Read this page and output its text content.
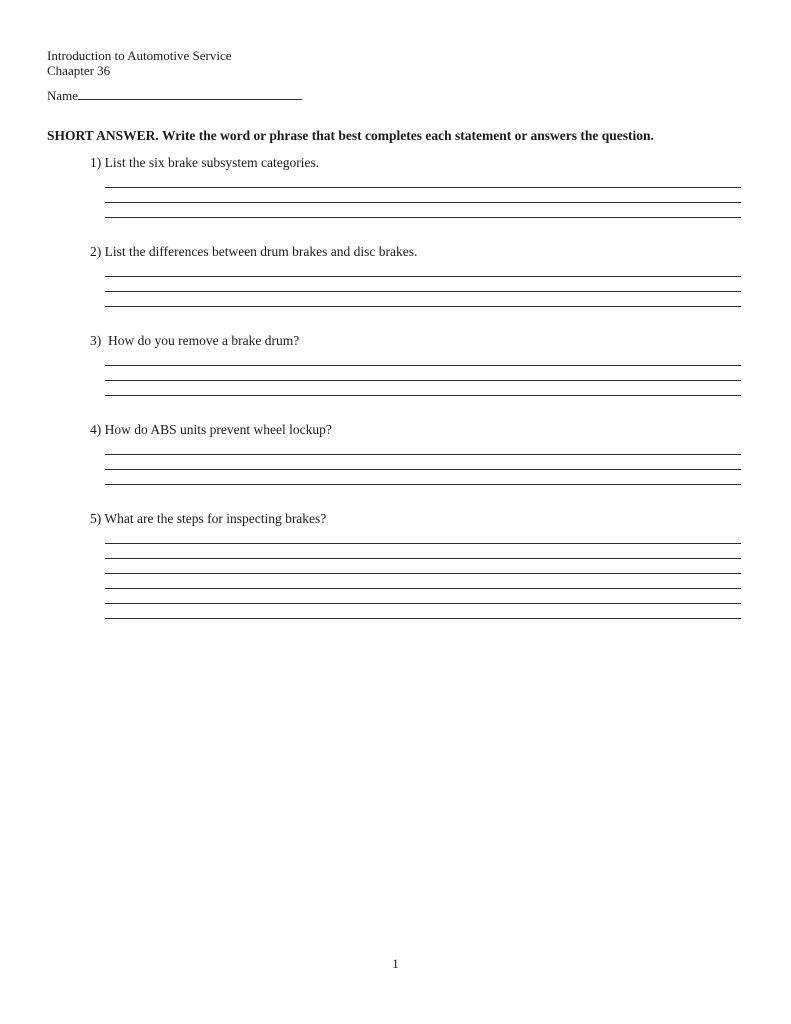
Introduction to Automotive Service
Chaapter 36
Name
SHORT ANSWER. Write the word or phrase that best completes each statement or answers the question.
1) List the six brake subsystem categories.
2) List the differences between drum brakes and disc brakes.
3)  How do you remove a brake drum?
4) How do ABS units prevent wheel lockup?
5) What are the steps for inspecting brakes?
1
